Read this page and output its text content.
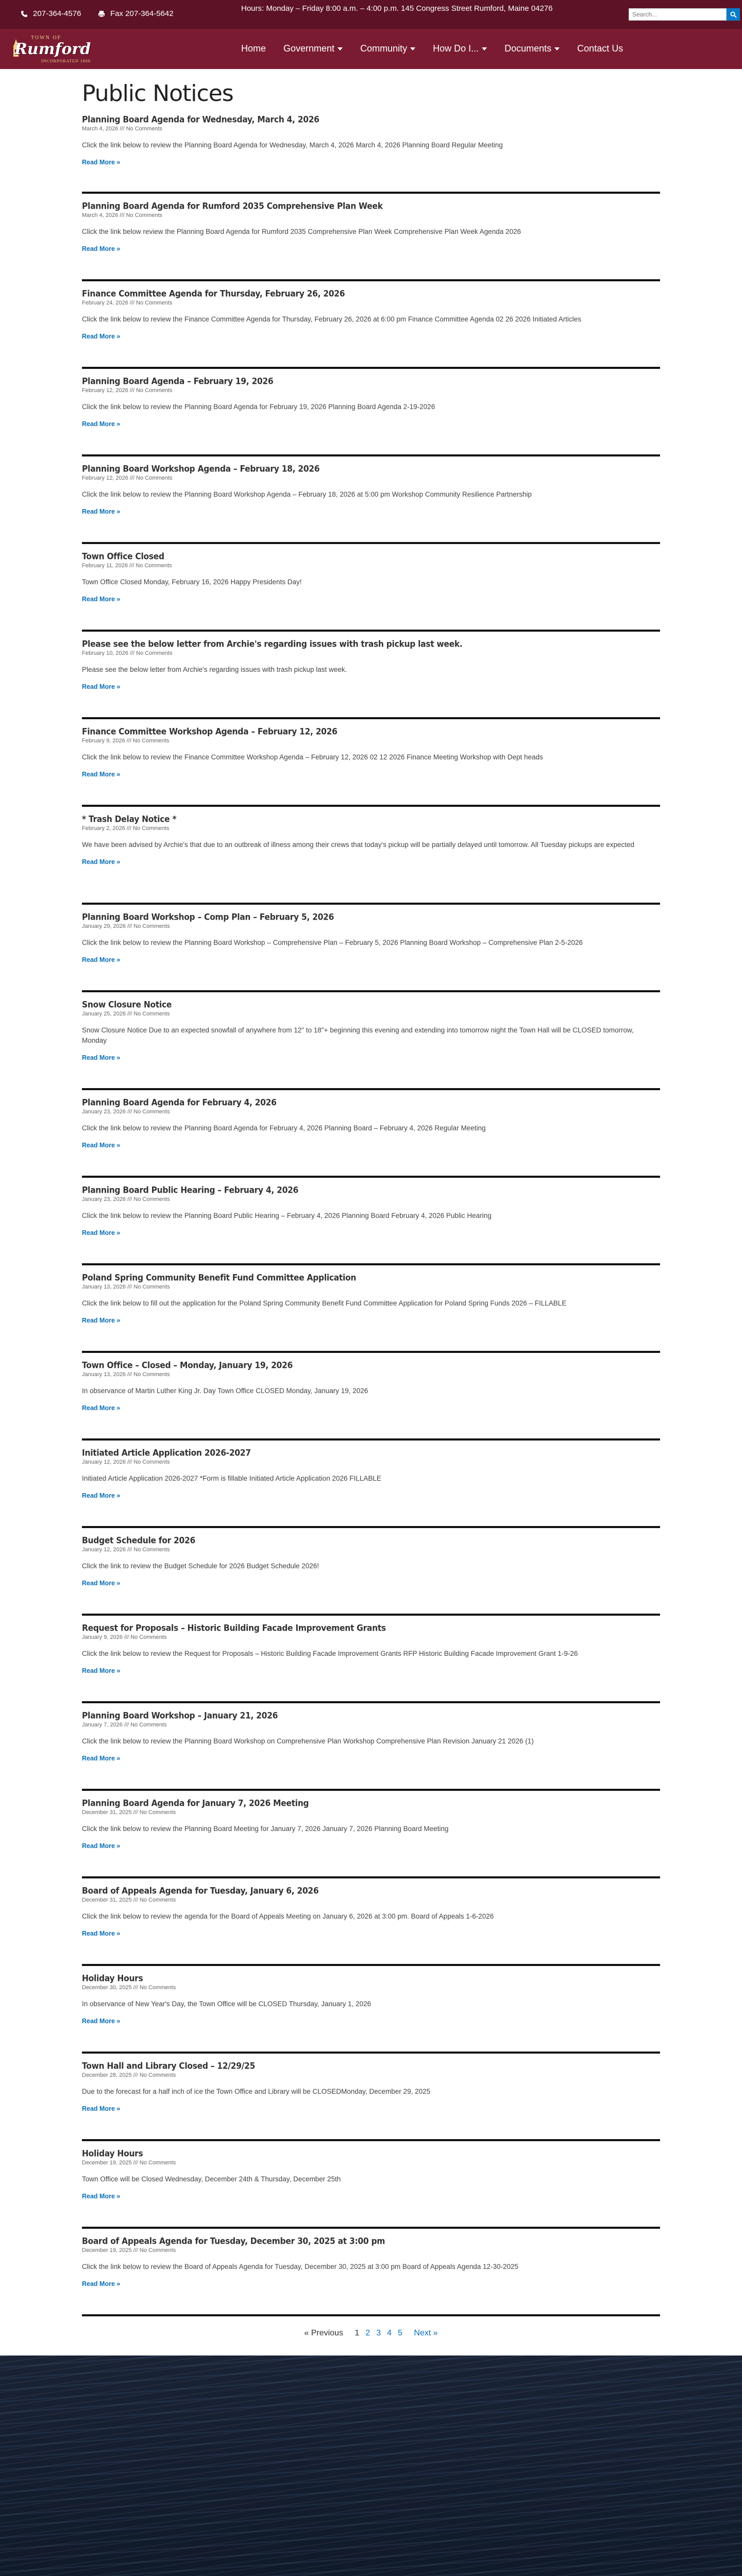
207-364-4576	Fax 207-364-5642
Hours: Monday – Friday 8:00 a.m. – 4:00 p.m. 145 Congress Street Rumford, Maine 04276
Search...
TOWN OF
Rumford
INCORPORATED 1800
Home Government	Community	How Do I...	Documents	Contact Us
Public Notices
Planning Board Agenda for Wednesday, March 4, 2026
March 4, 2026 /// No Comments
Click the link below to review the Planning Board Agenda for Wednesday, March 4, 2026 March 4, 2026 Planning Board Regular Meeting
Read More »
Planning Board Agenda for Rumford 2035 Comprehensive Plan Week
March 4, 2026 /// No Comments
Click the link below review the Planning Board Agenda for Rumford 2035 Comprehensive Plan Week Comprehensive Plan Week Agenda 2026
Read More »
Finance Committee Agenda for Thursday, February 26, 2026
February 24, 2026 /// No Comments
Click the link below to review the Finance Committee Agenda for Thursday, February 26, 2026 at 6:00 pm Finance Committee Agenda 02 26 2026 Initiated Articles
Read More »
Planning Board Agenda – February 19, 2026
February 12, 2026 /// No Comments
Click the link below to review the Planning Board Agenda for February 19, 2026 Planning Board Agenda 2-19-2026
Read More »
Planning Board Workshop Agenda – February 18, 2026
February 12, 2026 /// No Comments
Click the link below to review the Planning Board Workshop Agenda – February 18, 2026 at 5:00 pm Workshop Community Resilience Partnership
Read More »
Town Office Closed
February 11, 2026 /// No Comments
Town Office Closed Monday, February 16, 2026 Happy Presidents Day!
Read More »
Please see the below letter from Archie's regarding issues with trash pickup last week.
February 10, 2026 /// No Comments
Please see the below letter from Archie's regarding issues with trash pickup last week.
Read More »
Finance Committee Workshop Agenda – February 12, 2026
February 9, 2026 /// No Comments
Click the link below to review the Finance Committee Workshop Agenda – February 12, 2026 02 12 2026 Finance Meeting Workshop with Dept heads
Read More »
* Trash Delay Notice *
February 2, 2026 /// No Comments
We have been advised by Archie's that due to an outbreak of illness among their crews that today's pickup will be partially delayed until tomorrow. All Tuesday pickups are expected
Read More »
Planning Board Workshop – Comp Plan – February 5, 2026
January 29, 2026 /// No Comments
Click the link below to review the Planning Board Workshop – Comprehensive Plan – February 5, 2026 Planning Board Workshop – Comprehensive Plan 2-5-2026
Read More »
Snow Closure Notice
January 25, 2026 /// No Comments
Snow Closure Notice Due to an expected snowfall of anywhere from 12" to 18"+ beginning this evening and extending into tomorrow night the Town Hall will be CLOSED tomorrow, Monday
Read More »
Planning Board Agenda for February 4, 2026
January 23, 2026 /// No Comments
Click the link below to review the Planning Board Agenda for February 4, 2026 Planning Board – February 4, 2026 Regular Meeting
Read More »
Planning Board Public Hearing – February 4, 2026
January 23, 2026 /// No Comments
Click the link below to review the Planning Board Public Hearing – February 4, 2026 Planning Board February 4, 2026 Public Hearing
Read More »
Poland Spring Community Benefit Fund Committee Application
January 13, 2026 /// No Comments
Click the link below to fill out the application for the Poland Spring Community Benefit Fund Committee Application for Poland Spring Funds 2026 – FILLABLE
Read More »
Town Office – Closed – Monday, January 19, 2026
January 13, 2026 /// No Comments
In observance of Martin Luther King Jr. Day Town Office CLOSED Monday, January 19, 2026
Read More »
Initiated Article Application 2026-2027
January 12, 2026 /// No Comments
Initiated Article Application 2026-2027 *Form is fillable Initiated Article Application 2026 FILLABLE
Read More »
Budget Schedule for 2026
January 12, 2026 /// No Comments
Click the link to review the Budget Schedule for 2026 Budget Schedule 2026!
Read More »
Request for Proposals – Historic Building Facade Improvement Grants
January 9, 2026 /// No Comments
Click the link below to review the Request for Proposals – Historic Building Facade Improvement Grants RFP Historic Building Facade Improvement Grant 1-9-26
Read More »
Planning Board Workshop – January 21, 2026
January 7, 2026 /// No Comments
Click the link below to review the Planning Board Workshop on Comprehensive Plan Workshop Comprehensive Plan Revision January 21 2026 (1)
Read More »
Planning Board Agenda for January 7, 2026 Meeting
December 31, 2025 /// No Comments
Click the link below to review the Planning Board Meeting for January 7, 2026 January 7, 2026 Planning Board Meeting
Read More »
Board of Appeals Agenda for Tuesday, January 6, 2026
December 31, 2025 /// No Comments
Click the link below to review the agenda for the Board of Appeals Meeting on January 6, 2026 at 3:00 pm. Board of Appeals 1-6-2026
Read More »
Holiday Hours
December 30, 2025 /// No Comments
In observance of New Year's Day, the Town Office will be CLOSED Thursday, January 1, 2026
Read More »
Town Hall and Library Closed – 12/29/25
December 28, 2025 /// No Comments
Due to the forecast for a half inch of ice the Town Office and Library will be CLOSEDMonday, December 29, 2025
Read More »
Holiday Hours
December 19, 2025 /// No Comments
Town Office will be Closed Wednesday, December 24th & Thursday, December 25th
Read More »
Board of Appeals Agenda for Tuesday, December 30, 2025 at 3:00 pm
December 19, 2025 /// No Comments
Click the link below to review the Board of Appeals Agenda for Tuesday, December 30, 2025 at 3:00 pm Board of Appeals Agenda 12-30-2025
Read More »
« Previous 1 2 3 4 5 Next »
